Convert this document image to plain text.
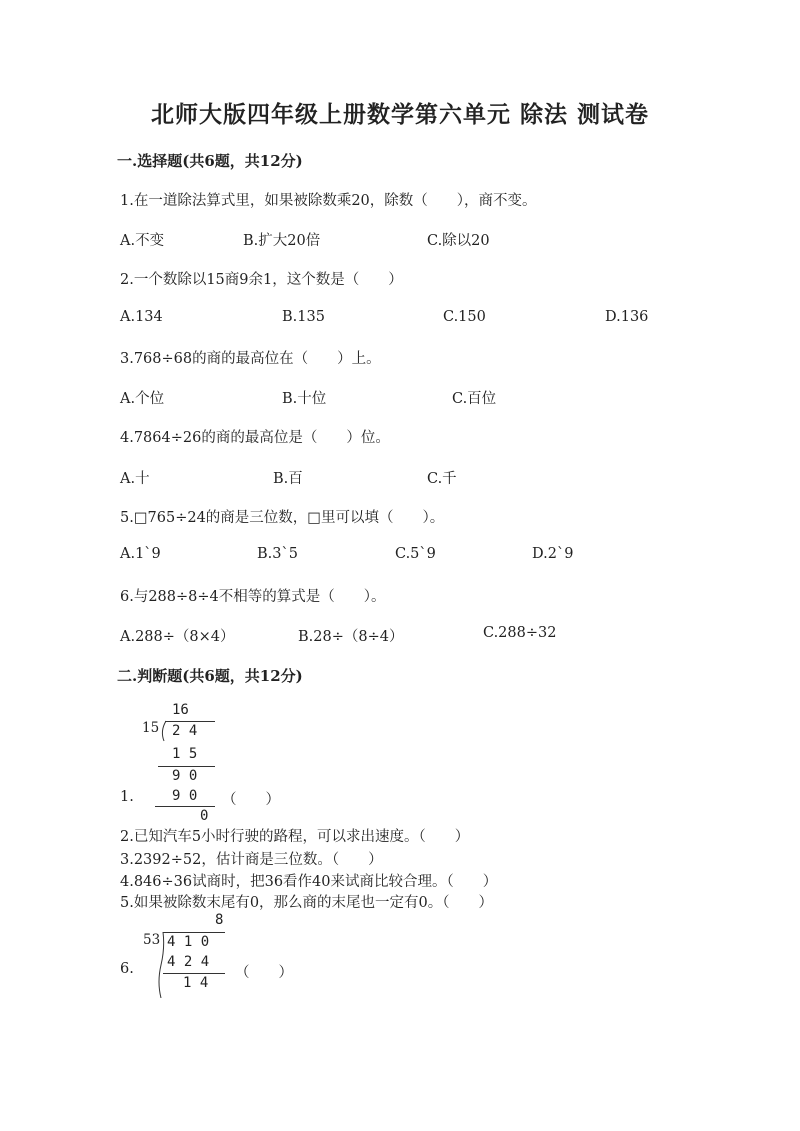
北师大版四年级上册数学第六单元 除法 测试卷
一.选择题(共6题，共12分)
1.在一道除法算式里，如果被除数乘20，除数（　　），商不变。
A.不变	B.扩大20倍	C.除以20
2.一个数除以15商9余1，这个数是（　　）
A.134	B.135	C.150	D.136
3.768÷68的商的最高位在（　　）上。
A.个位	B.十位	C.百位
4.7864÷26的商的最高位是（　　）位。
A.十	B.百	C.千
5.□765÷24的商是三位数，□里可以填（　　）。
A.1`9	B.3`5	C.5`9	D.2`9
6.与288÷8÷4不相等的算式是（　　）。
A.288÷（8×4）	B.28÷（8÷4）	C.288÷32
二.判断题(共6题，共12分)
16
15 2 4
1 5
9 0
9 0
0
1.	（　　）
2.已知汽车5小时行驶的路程，可以求出速度。（　　）
3.2392÷52，估计商是三位数。（　　）
4.846÷36试商时，把36看作40来试商比较合理。（　　）
5.如果被除数末尾有0，那么商的末尾也一定有0。（　　）
8
53 4 1 0
4 2 4
1 4
6.	（　　）
